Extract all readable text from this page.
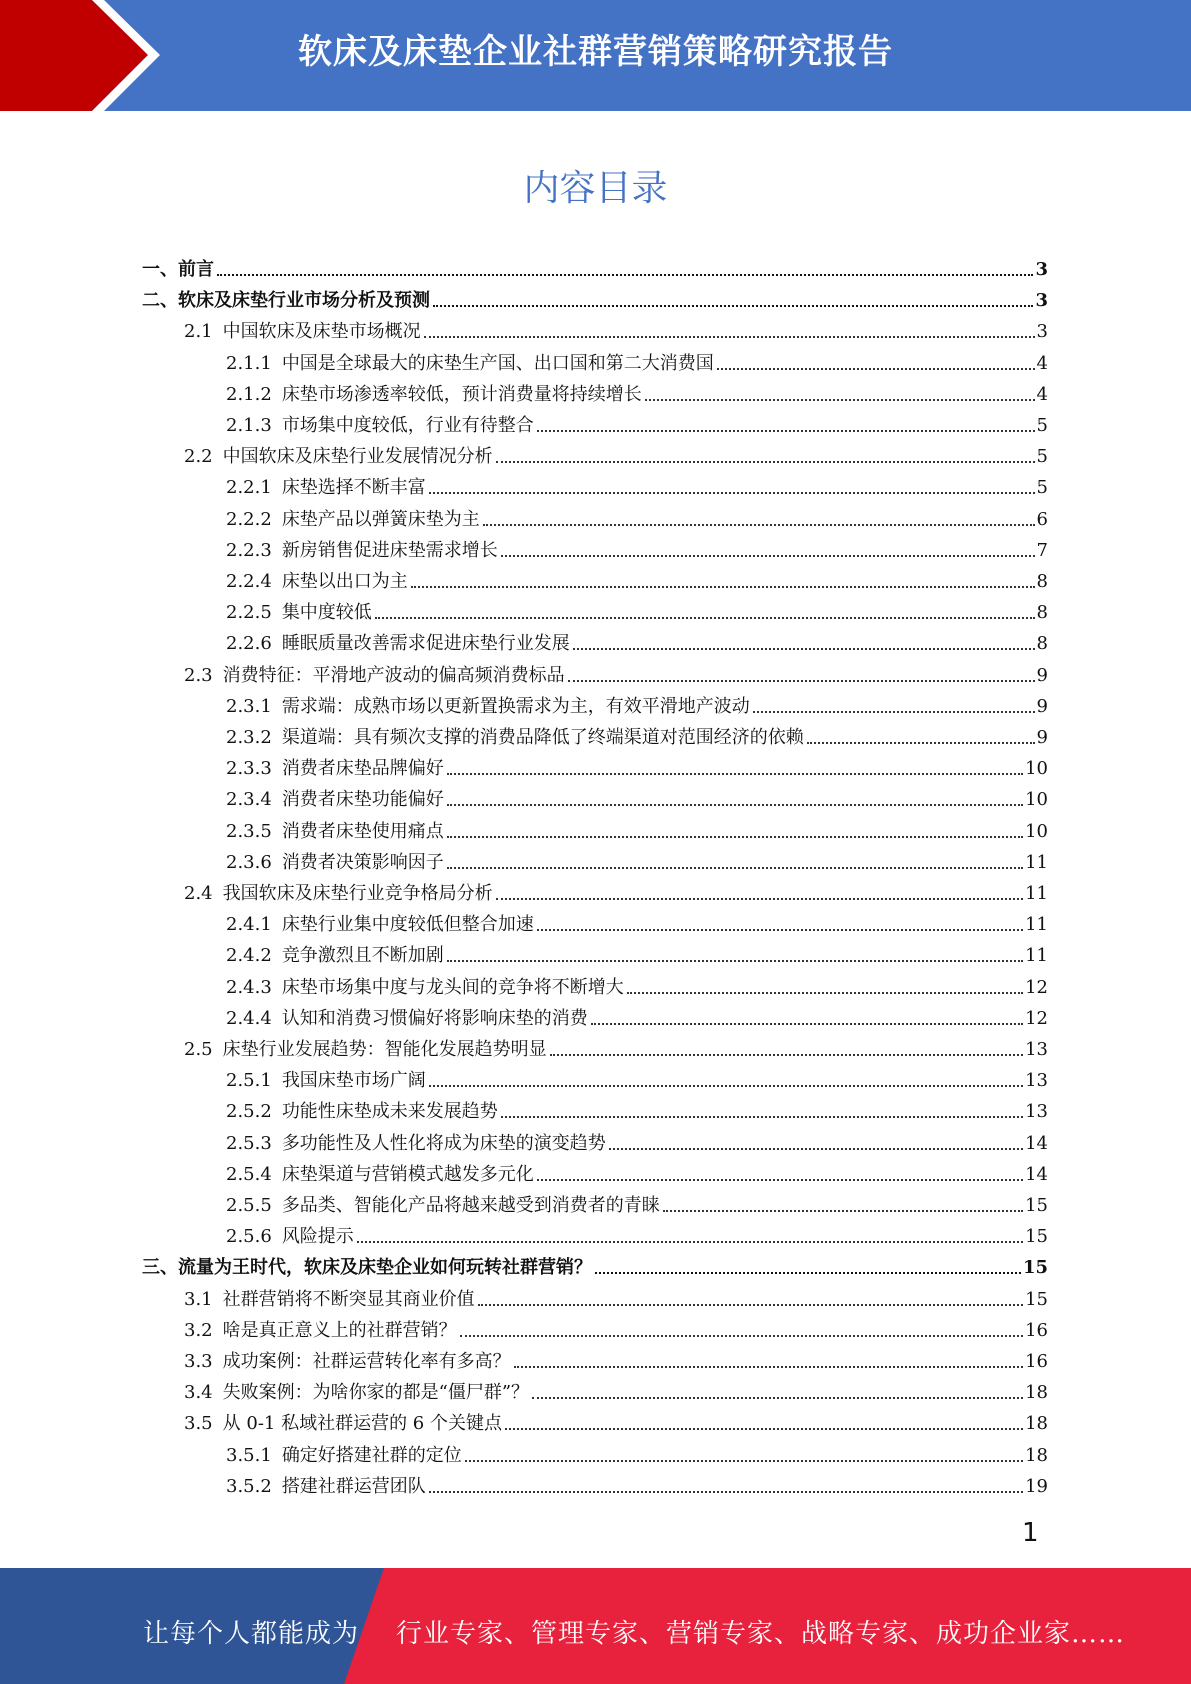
软床及床垫企业社群营销策略研究报告
内容目录
一、前言	3
二、软床及床垫行业市场分析及预测	3
2.1 中国软床及床垫市场概况	3
2.1.1 中国是全球最大的床垫生产国、出口国和第二大消费国	4
2.1.2 床垫市场渗透率较低，预计消费量将持续增长	4
2.1.3 市场集中度较低，行业有待整合	5
2.2 中国软床及床垫行业发展情况分析	5
2.2.1 床垫选择不断丰富	5
2.2.2 床垫产品以弹簧床垫为主	6
2.2.3 新房销售促进床垫需求增长	7
2.2.4 床垫以出口为主	8
2.2.5 集中度较低	8
2.2.6 睡眠质量改善需求促进床垫行业发展	8
2.3 消费特征：平滑地产波动的偏高频消费标品	9
2.3.1 需求端：成熟市场以更新置换需求为主，有效平滑地产波动	9
2.3.2 渠道端：具有频次支撑的消费品降低了终端渠道对范围经济的依赖	9
2.3.3 消费者床垫品牌偏好	10
2.3.4 消费者床垫功能偏好	10
2.3.5 消费者床垫使用痛点	10
2.3.6 消费者决策影响因子	11
2.4 我国软床及床垫行业竞争格局分析	11
2.4.1 床垫行业集中度较低但整合加速	11
2.4.2 竞争激烈且不断加剧	11
2.4.3 床垫市场集中度与龙头间的竞争将不断增大	12
2.4.4 认知和消费习惯偏好将影响床垫的消费	12
2.5 床垫行业发展趋势：智能化发展趋势明显	13
2.5.1 我国床垫市场广阔	13
2.5.2 功能性床垫成未来发展趋势	13
2.5.3 多功能性及人性化将成为床垫的演变趋势	14
2.5.4 床垫渠道与营销模式越发多元化	14
2.5.5 多品类、智能化产品将越来越受到消费者的青睐	15
2.5.6 风险提示	15
三、流量为王时代，软床及床垫企业如何玩转社群营销？	15
3.1 社群营销将不断突显其商业价值	15
3.2 啥是真正意义上的社群营销？	16
3.3 成功案例：社群运营转化率有多高？	16
3.4 失败案例：为啥你家的都是“僵尸群”？	18
3.5 从 0-1 私域社群运营的 6 个关键点	18
3.5.1 确定好搭建社群的定位	18
3.5.2 搭建社群运营团队	19
1
让每个人都能成为 行业专家、管理专家、营销专家、战略专家、成功企业家……
